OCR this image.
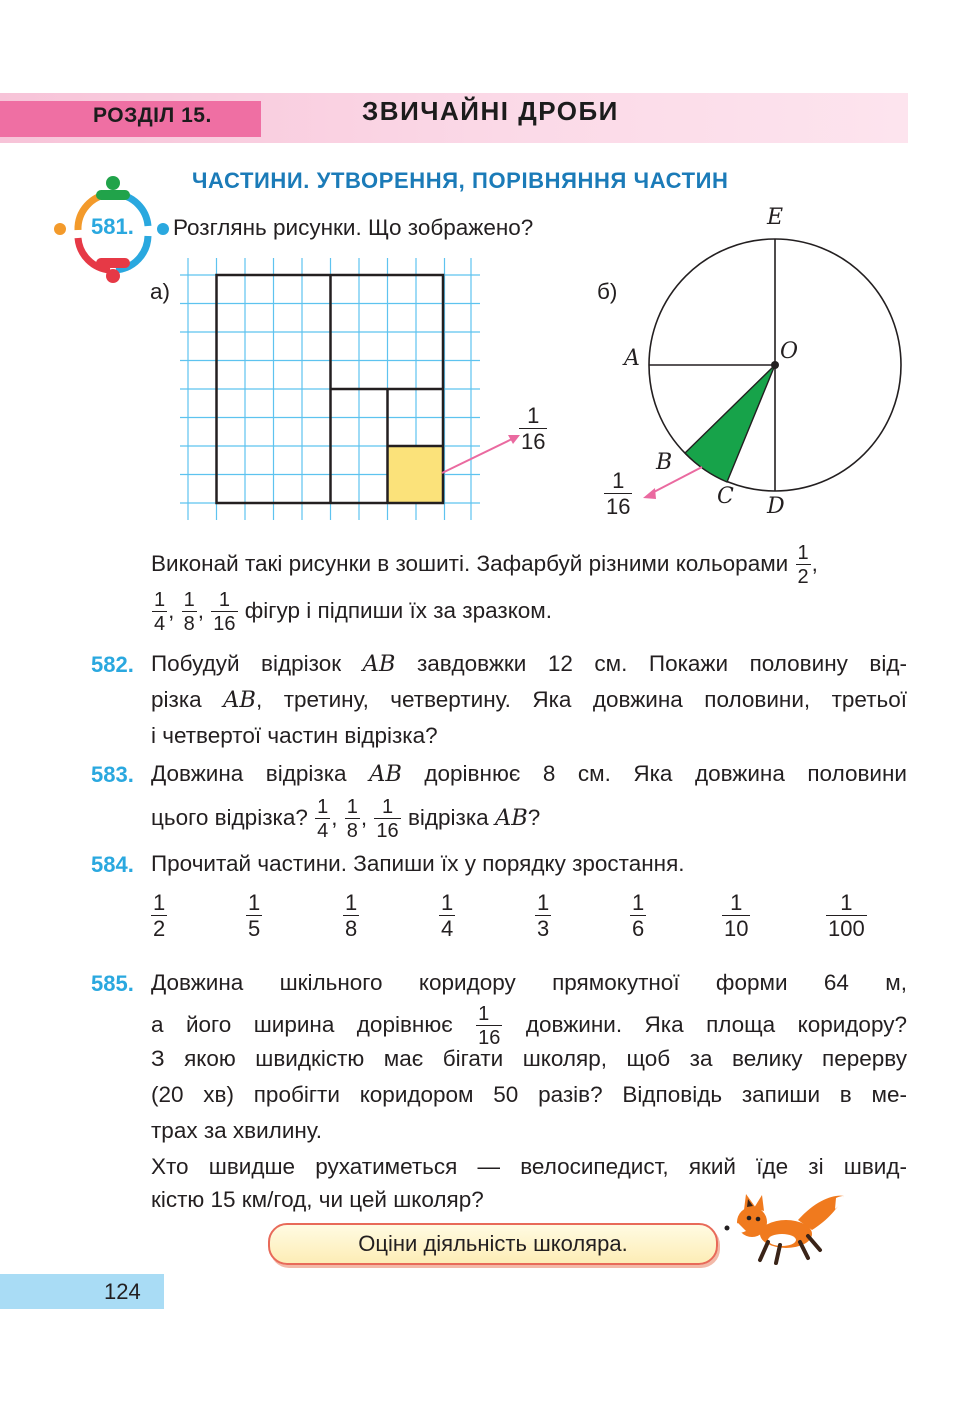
РОЗДІЛ 15.	ЗВИЧАЙНІ ДРОБИ
ЧАСТИНИ. УТВОРЕННЯ, ПОРІВНЯННЯ ЧАСТИН
581. Розглянь рисунки. Що зображено?
а)	б)
$\frac{1}{16}$
E
A	O
B
C D
$\frac{1}{16}$
Виконай такі рисунки в зошиті. Зафарбуй різними кольорами $\frac{1}{2}$ ,
$\frac{1}{4}$ , $\frac{1}{8}$ , $\frac{1}{16}$ фігур і підпиши їх за зразком.
582. Побудуй відрізок AB завдовжки 12 см. Покажи половину від-
різка AB, третину, четвертину. Яка довжина половини, третьої
і четвертої частин відрізка?
583. Довжина відрізка AB дорівнює 8 см. Яка довжина половини
цього відрізка? $\frac{1}{4}$ , $\frac{1}{8}$ , $\frac{1}{16}$ відрізка AB?
584. Прочитай частини. Запиши їх у порядку зростання.
$\frac{1}{2}$	$\frac{1}{5}$	$\frac{1}{8}$	$\frac{1}{4}$	$\frac{1}{3}$	$\frac{1}{6}$	$\frac{1}{10}$	$\frac{1}{100}$
585. Довжина шкільного коридору прямокутної форми 64 м,
а його ширина дорівнює $\frac{1}{16}$ довжини. Яка площа коридору?
З якою швидкістю має бігати школяр, щоб за велику перерву
(20 хв) пробігти коридором 50 разів? Відповідь запиши в ме-
трах за хвилину.
Хто швидше рухатиметься — велосипедист, який їде зі швид-
кістю 15 км/год, чи цей школяр?
Оціни діяльність школяра.
124
